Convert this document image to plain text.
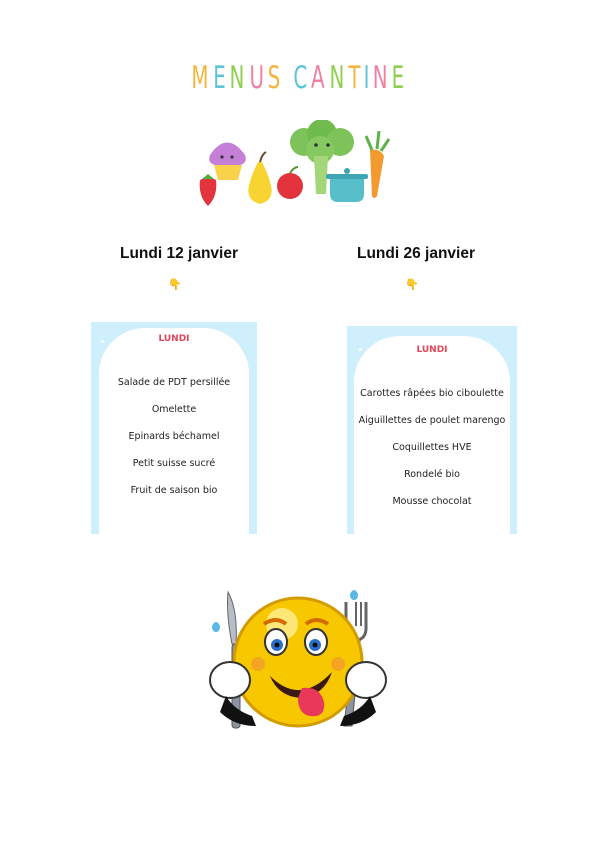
M E N U S C A N TIN E
Lundi 12 janvier
👇
LUNDI
Salade de PDT persillée
Omelette
Epinards béchamel
Petit suisse sucré
Fruit de saison bio
Lundi 26 janvier
👇
LUNDI
Carottes râpées bio ciboulette
Aiguillettes de poulet marengo
Coquillettes HVE
Rondelé bio
Mousse chocolat
